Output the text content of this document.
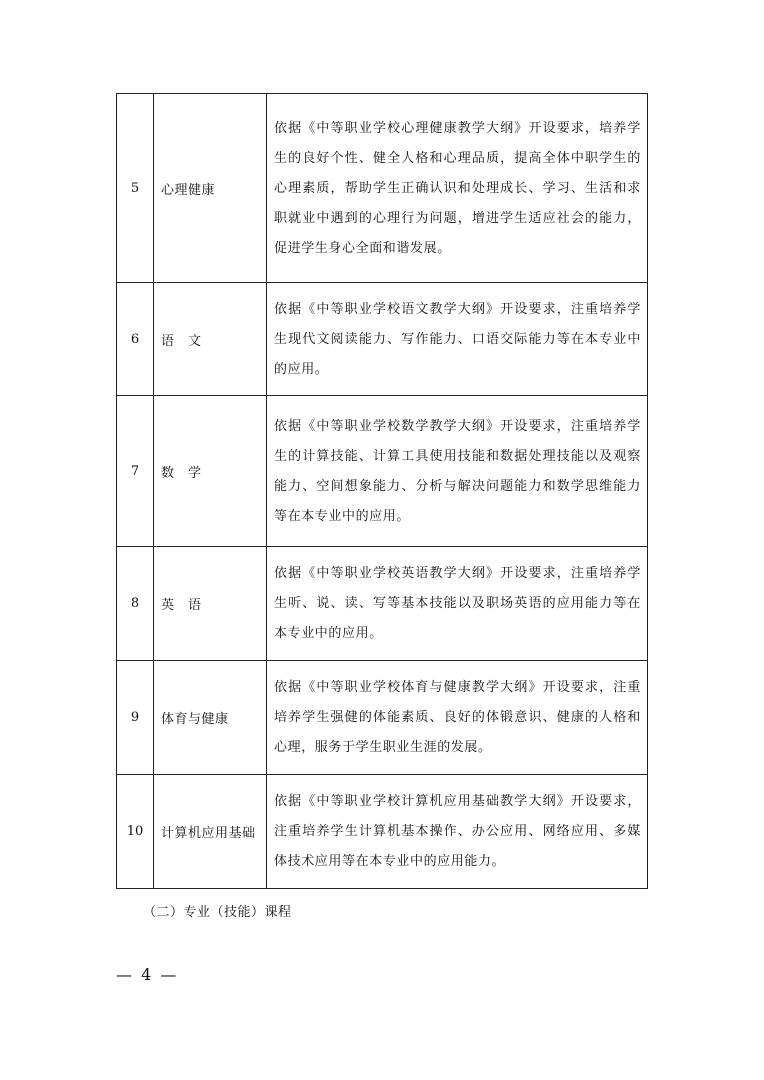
5	心理健康	依据《中等职业学校心理健康教学大纲》开设要求，培养学生的良好个性、健全人格和心理品质，提高全体中职学生的心理素质，帮助学生正确认识和处理成长、学习、生活和求职就业中遇到的心理行为问题，增进学生适应社会的能力，促进学生身心全面和谐发展。
6	语　文	依据《中等职业学校语文教学大纲》开设要求，注重培养学生现代文阅读能力、写作能力、口语交际能力等在本专业中的应用。
7	数　学	依据《中等职业学校数学教学大纲》开设要求，注重培养学生的计算技能、计算工具使用技能和数据处理技能以及观察能力、空间想象能力、分析与解决问题能力和数学思维能力等在本专业中的应用。
8	英　语	依据《中等职业学校英语教学大纲》开设要求，注重培养学生听、说、读、写等基本技能以及职场英语的应用能力等在本专业中的应用。
9	体育与健康	依据《中等职业学校体育与健康教学大纲》开设要求，注重培养学生强健的体能素质、良好的体锻意识、健康的人格和心理，服务于学生职业生涯的发展。
10	计算机应用基础	依据《中等职业学校计算机应用基础教学大纲》开设要求，注重培养学生计算机基本操作、办公应用、网络应用、多媒体技术应用等在本专业中的应用能力。
（二）专业（技能）课程
— 4 —
